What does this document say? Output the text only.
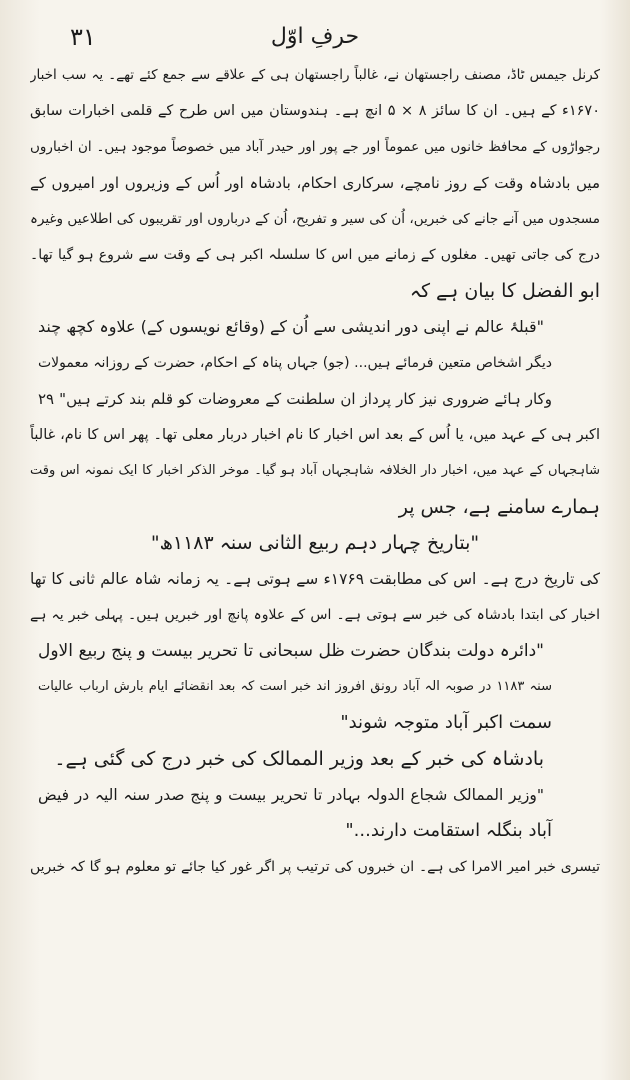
حرفِ اوّل
٣١
کرنل جیمس ٹاڈ، مصنف راجستھان نے، غالباً راجستھان ہی کے علاقے سے جمع کئے تھے۔ یہ سب اخبار
۱۶۷۰ء کے ہیں۔ ان کا سائز ۸ × ۵ انچ ہے۔ ہندوستان میں اس طرح کے قلمی اخبارات سابق
رجواڑوں کے محافظ خانوں میں عموماً اور جے پور اور حیدر آباد میں خصوصاً موجود ہیں۔ ان اخباروں
میں بادشاہ وقت کے روز نامچے، سرکاری احکام، بادشاہ اور اُس کے وزیروں اور امیروں کے
مسجدوں میں آنے جانے کی خبریں، اُن کی سیر و تفریح، اُن کے درباروں اور تقریبوں کی اطلاعیں وغیرہ
درج کی جاتی تھیں۔ مغلوں کے زمانے میں اس کا سلسلہ اکبر ہی کے وقت سے شروع ہو گیا تھا۔
ابو الفضل کا بیان ہے کہ
"قبلۂ عالم نے اپنی دور اندیشی سے اُن کے (وقائع نویسوں کے) علاوہ کچھ چند
دیگر اشخاص متعین فرمائے ہیں... (جو) جہاں پناہ کے احکام، حضرت کے روزانہ معمولات
وکار ہائے ضروری نیز کار پرداز ان سلطنت کے معروضات کو قلم بند کرتے ہیں" ۲۹
اکبر ہی کے عہد میں، یا اُس کے بعد اس اخبار کا نام اخبار دربار معلی تھا۔ پھر اس کا نام، غالباً
شاہجہاں کے عہد میں، اخبار دار الخلافہ شاہجہاں آباد ہو گیا۔ موخر الذکر اخبار کا ایک نمونہ اس وقت
ہمارے سامنے ہے، جس پر
"بتاریخ چہار دہم ربیع الثانی سنہ ۱۱۸۳ھ"
کی تاریخ درج ہے۔ اس کی مطابقت ۱۷۶۹ء سے ہوتی ہے۔ یہ زمانہ شاہ عالم ثانی کا تھا
اخبار کی ابتدا بادشاہ کی خبر سے ہوتی ہے۔ اس کے علاوہ پانچ اور خبریں ہیں۔ پہلی خبر یہ ہے
"دائرہ دولت بندگان حضرت ظل سبحانی تا تحریر بیست و پنج ربیع الاول
سنہ ۱۱۸۳ در صوبہ الہ آباد رونق افروز اند خبر است کہ بعد انقضائے ایام بارش ارباب عالیات
سمت اکبر آباد متوجہ شوند"
بادشاہ کی خبر کے بعد وزیر الممالک کی خبر درج کی گئی ہے۔
"وزیر الممالک شجاع الدولہ بہادر تا تحریر بیست و پنج صدر سنہ الیہ در فیض
آباد بنگلہ استقامت دارند..."
تیسری خبر امیر الامرا کی ہے۔ ان خبروں کی ترتیب پر اگر غور کیا جائے تو معلوم ہو گا کہ خبریں
